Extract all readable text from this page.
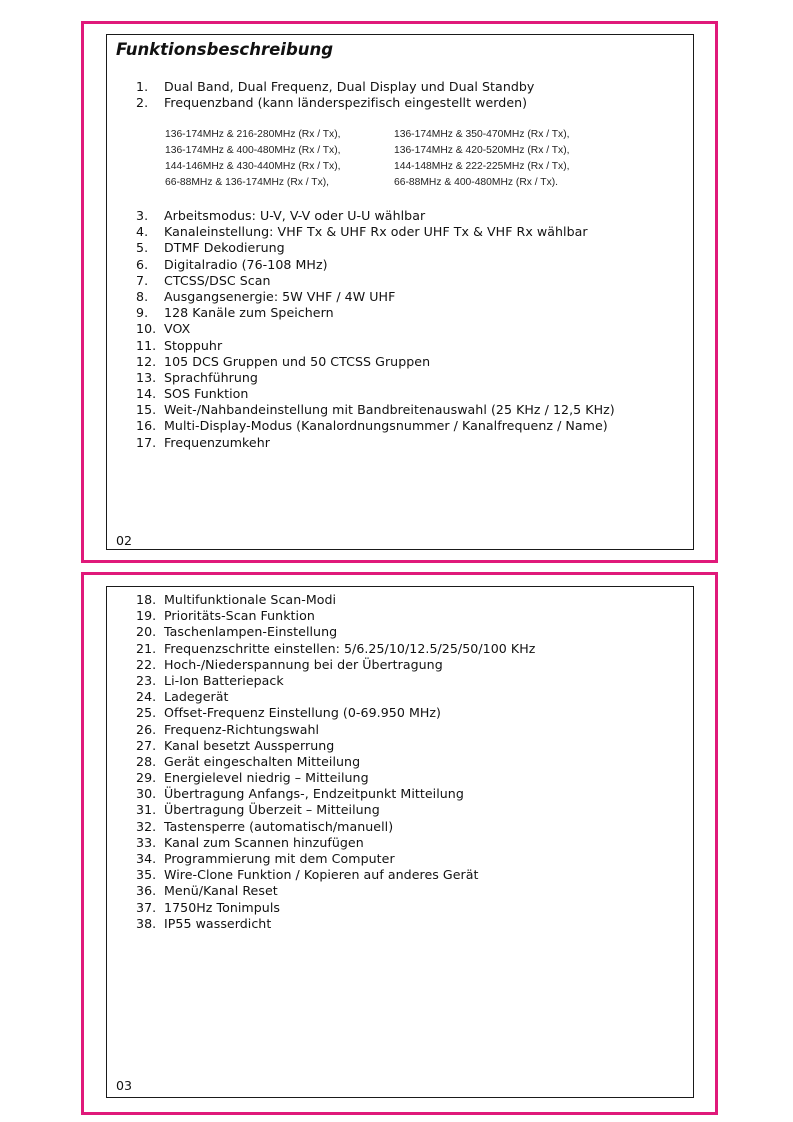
Funktionsbeschreibung
1. Dual Band, Dual Frequenz, Dual Display und Dual Standby
2. Frequenzband (kann länderspezifisch eingestellt werden)
136-174MHz & 216-280MHz (Rx / Tx),	136-174MHz & 350-470MHz (Rx / Tx),
136-174MHz & 400-480MHz (Rx / Tx),	136-174MHz & 420-520MHz (Rx / Tx),
144-146MHz & 430-440MHz (Rx / Tx),	144-148MHz & 222-225MHz (Rx / Tx),
66-88MHz & 136-174MHz (Rx / Tx),	66-88MHz & 400-480MHz (Rx / Tx).
3. Arbeitsmodus: U-V, V-V oder U-U wählbar
4. Kanaleinstellung: VHF Tx & UHF Rx oder UHF Tx & VHF Rx wählbar
5. DTMF Dekodierung
6. Digitalradio (76-108 MHz)
7. CTCSS/DSC Scan
8. Ausgangsenergie: 5W VHF / 4W UHF
9. 128 Kanäle zum Speichern
10. VOX
11. Stoppuhr
12. 105 DCS Gruppen und 50 CTCSS Gruppen
13. Sprachführung
14. SOS Funktion
15. Weit-/Nahbandeinstellung mit Bandbreitenauswahl (25 KHz / 12,5 KHz)
16. Multi-Display-Modus (Kanalordnungsnummer / Kanalfrequenz / Name)
17. Frequenzumkehr
02
18. Multifunktionale Scan-Modi
19. Prioritäts-Scan Funktion
20. Taschenlampen-Einstellung
21. Frequenzschritte einstellen: 5/6.25/10/12.5/25/50/100 KHz
22. Hoch-/Niederspannung bei der Übertragung
23. Li-Ion Batteriepack
24. Ladegerät
25. Offset-Frequenz Einstellung (0-69.950 MHz)
26. Frequenz-Richtungswahl
27. Kanal besetzt Aussperrung
28. Gerät eingeschalten Mitteilung
29. Energielevel niedrig – Mitteilung
30. Übertragung Anfangs-, Endzeitpunkt Mitteilung
31. Übertragung Überzeit – Mitteilung
32. Tastensperre (automatisch/manuell)
33. Kanal zum Scannen hinzufügen
34. Programmierung mit dem Computer
35. Wire-Clone Funktion / Kopieren auf anderes Gerät
36. Menü/Kanal Reset
37. 1750Hz Tonimpuls
38. IP55 wasserdicht
03
